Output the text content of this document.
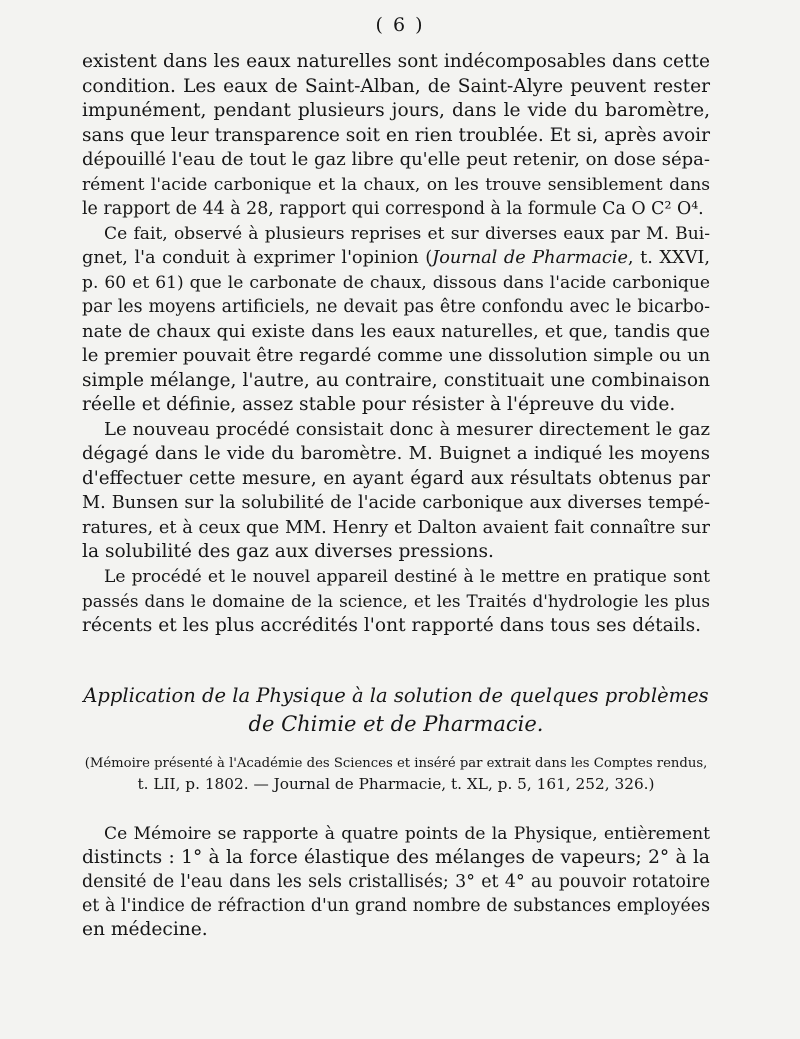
( 6 )
existent dans les eaux naturelles sont indécomposables dans cette
condition. Les eaux de Saint-Alban, de Saint-Alyre peuvent rester
impunément, pendant plusieurs jours, dans le vide du baromètre,
sans que leur transparence soit en rien troublée. Et si, après avoir
dépouillé l'eau de tout le gaz libre qu'elle peut retenir, on dose sépa-
rément l'acide carbonique et la chaux, on les trouve sensiblement dans
le rapport de 44 à 28, rapport qui correspond à la formule Ca O C² O⁴.
Ce fait, observé à plusieurs reprises et sur diverses eaux par M. Bui-
gnet, l'a conduit à exprimer l'opinion (Journal de Pharmacie, t. XXVI,
p. 60 et 61) que le carbonate de chaux, dissous dans l'acide carbonique
par les moyens artificiels, ne devait pas être confondu avec le bicarbo-
nate de chaux qui existe dans les eaux naturelles, et que, tandis que
le premier pouvait être regardé comme une dissolution simple ou un
simple mélange, l'autre, au contraire, constituait une combinaison
réelle et définie, assez stable pour résister à l'épreuve du vide.
Le nouveau procédé consistait donc à mesurer directement le gaz
dégagé dans le vide du baromètre. M. Buignet a indiqué les moyens
d'effectuer cette mesure, en ayant égard aux résultats obtenus par
M. Bunsen sur la solubilité de l'acide carbonique aux diverses tempé-
ratures, et à ceux que MM. Henry et Dalton avaient fait connaître sur
la solubilité des gaz aux diverses pressions.
Le procédé et le nouvel appareil destiné à le mettre en pratique sont
passés dans le domaine de la science, et les Traités d'hydrologie les plus
récents et les plus accrédités l'ont rapporté dans tous ses détails.
Application de la Physique à la solution de quelques problèmes
de Chimie et de Pharmacie.
(Mémoire présenté à l'Académie des Sciences et inséré par extrait dans les Comptes rendus,
t. LII, p. 1802. — Journal de Pharmacie, t. XL, p. 5, 161, 252, 326.)
Ce Mémoire se rapporte à quatre points de la Physique, entièrement
distincts : 1° à la force élastique des mélanges de vapeurs; 2° à la
densité de l'eau dans les sels cristallisés; 3° et 4° au pouvoir rotatoire
et à l'indice de réfraction d'un grand nombre de substances employées
en médecine.
